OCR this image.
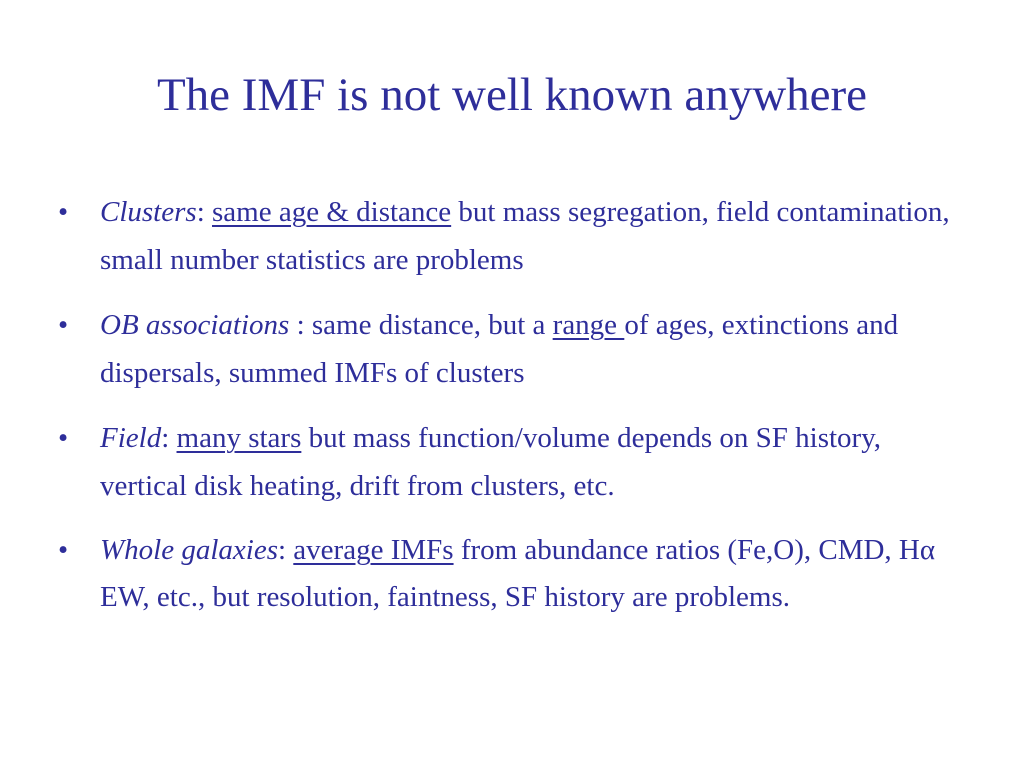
The IMF is not well known anywhere
•	Clusters: same age & distance but mass segregation, field contamination, small number statistics are problems
•	OB associations : same distance, but a range of ages, extinctions and dispersals, summed IMFs of clusters
•	Field: many stars but mass function/volume depends on SF history, vertical disk heating, drift from clusters, etc.
•	Whole galaxies: average IMFs from abundance ratios (Fe,O), CMD, Hα EW, etc., but resolution, faintness, SF history are problems.
